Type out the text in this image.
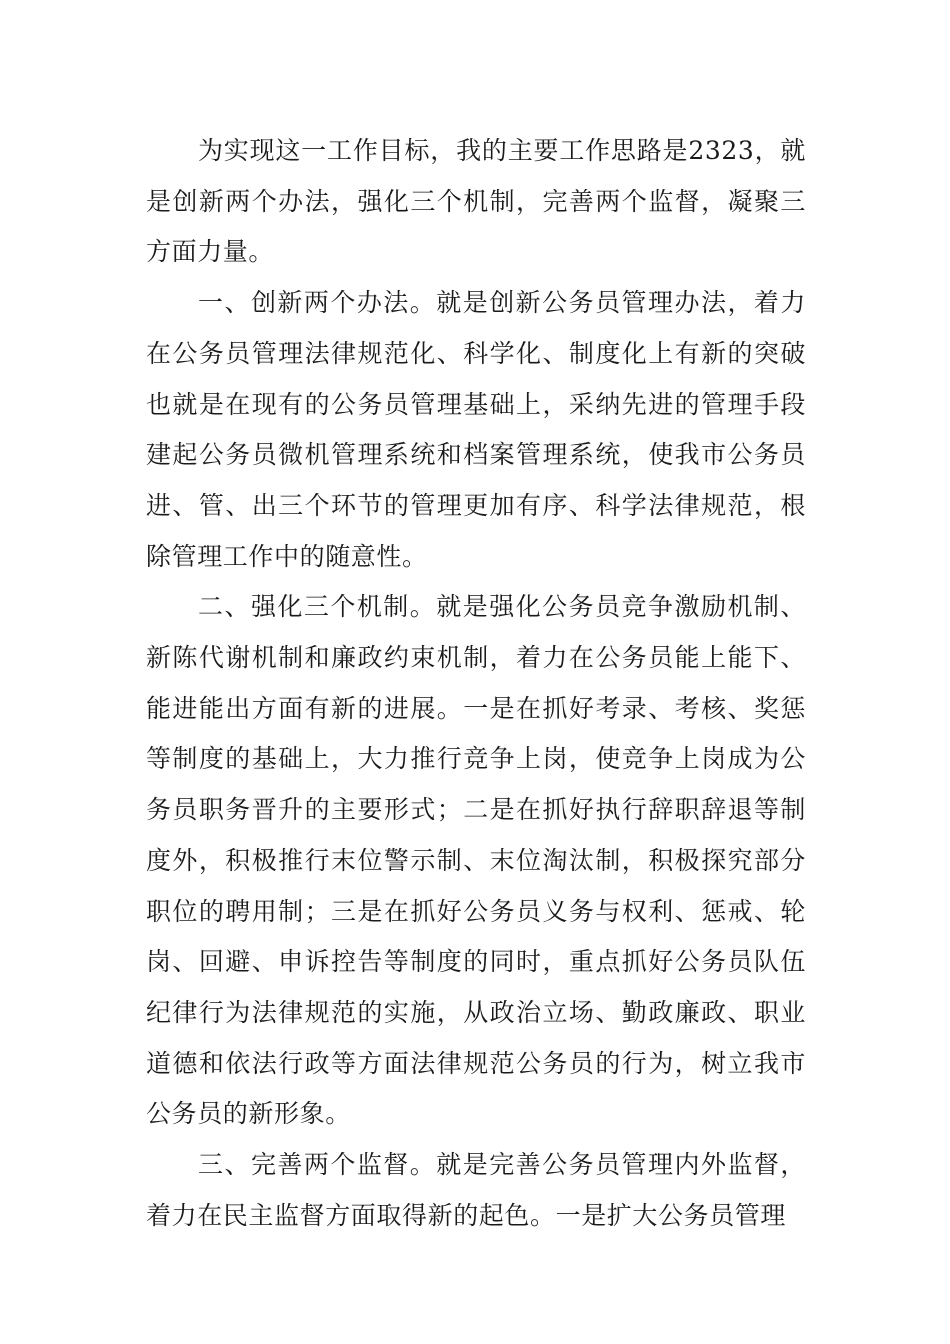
为实现这一工作目标，我的主要工作思路是2323，就是创新两个办法，强化三个机制，完善两个监督，凝聚三方面力量。

一、创新两个办法。就是创新公务员管理办法，着力在公务员管理法律规范化、科学化、制度化上有新的突破也就是在现有的公务员管理基础上，采纳先进的管理手段建起公务员微机管理系统和档案管理系统，使我市公务员进、管、出三个环节的管理更加有序、科学法律规范，根除管理工作中的随意性。

二、强化三个机制。就是强化公务员竞争激励机制、新陈代谢机制和廉政约束机制，着力在公务员能上能下、能进能出方面有新的进展。一是在抓好考录、考核、奖惩等制度的基础上，大力推行竞争上岗，使竞争上岗成为公务员职务晋升的主要形式；二是在抓好执行辞职辞退等制度外，积极推行末位警示制、末位淘汰制，积极探究部分职位的聘用制；三是在抓好公务员义务与权利、惩戒、轮岗、回避、申诉控告等制度的同时，重点抓好公务员队伍纪律行为法律规范的实施，从政治立场、勤政廉政、职业道德和依法行政等方面法律规范公务员的行为，树立我市公务员的新形象。

三、完善两个监督。就是完善公务员管理内外监督，着力在民主监督方面取得新的起色。一是扩大公务员管理
